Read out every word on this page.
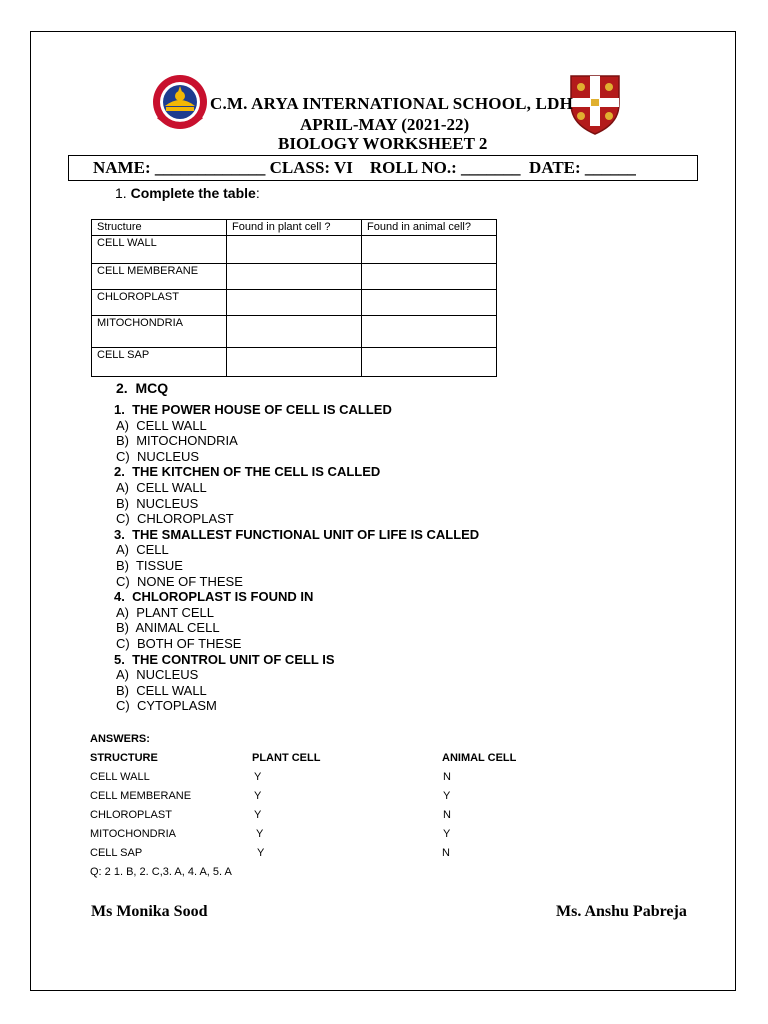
C.M. ARYA INTERNATIONAL SCHOOL, LDH
APRIL-MAY (2021-22)
BIOLOGY WORKSHEET 2
NAME: _____________ CLASS: VI    ROLL NO.: _______  DATE: ______
1. Complete the table:
Structure	Found in plant cell ?	Found in animal cell?
CELL WALL		
CELL MEMBERANE		
CHLOROPLAST		
MITOCHONDRIA		
CELL SAP		
2.  MCQ
1.  THE POWER HOUSE OF CELL IS CALLED
A)  CELL WALL
B)  MITOCHONDRIA
C)  NUCLEUS
2.  THE KITCHEN OF THE CELL IS CALLED
A)  CELL WALL
B)  NUCLEUS
C)  CHLOROPLAST
3.  THE SMALLEST FUNCTIONAL UNIT OF LIFE IS CALLED
A)  CELL
B)  TISSUE
C)  NONE OF THESE
4.  CHLOROPLAST IS FOUND IN
A)  PLANT CELL
B)  ANIMAL CELL
C)  BOTH OF THESE
5.  THE CONTROL UNIT OF CELL IS
A)  NUCLEUS
B)  CELL WALL
C)  CYTOPLASM
ANSWERS:
STRUCTURE	PLANT CELL	ANIMAL CELL
CELL WALL	Y	N
CELL MEMBERANE	Y	Y
CHLOROPLAST	Y	N
MITOCHONDRIA	Y	Y
CELL SAP	Y	N
Q: 2 1. B, 2. C,3. A, 4. A, 5. A
Ms Monika Sood	Ms. Anshu Pabreja
